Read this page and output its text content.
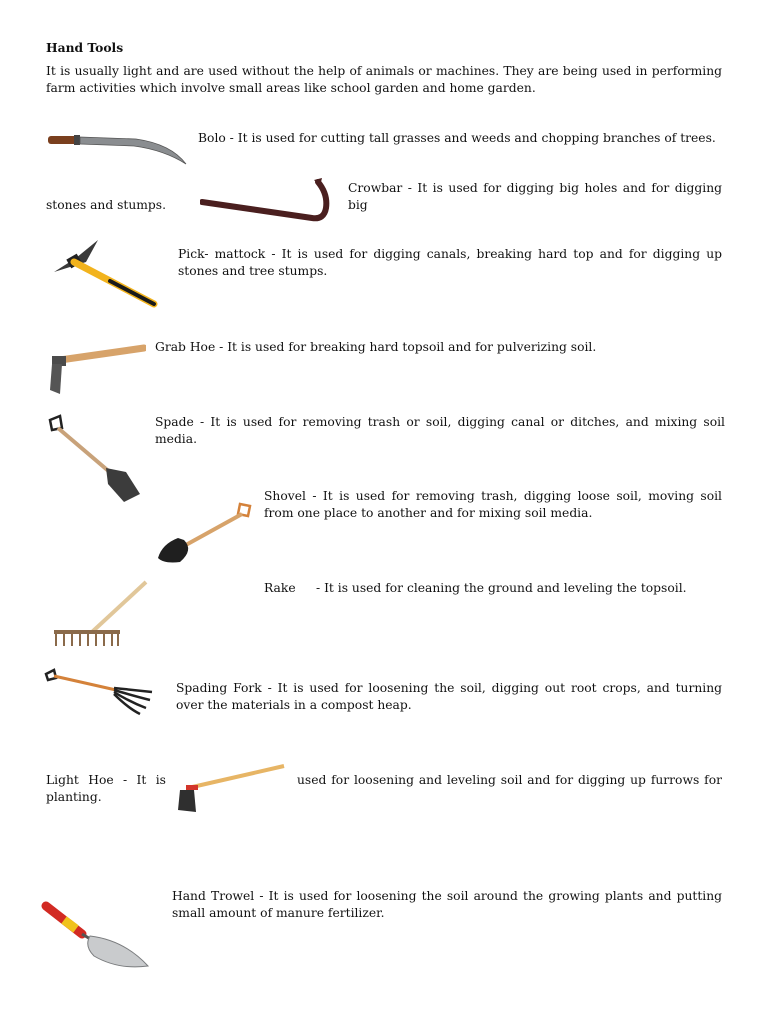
Hand Tools
It is usually light and are used without the help of animals or machines. They are being used in performing farm activities which involve small areas like school garden and home garden.
Bolo - It is used for cutting tall grasses and weeds and chopping branches of trees.
Crowbar - It is used for digging big holes and for digging big
stones and stumps.
Pick- mattock - It is used for digging canals, breaking hard top and for digging up stones and tree stumps.
Grab Hoe - It is used for breaking hard topsoil and for pulverizing soil.
Spade - It is used for removing trash or soil, digging canal or ditches, and mixing soil media.
Shovel - It is used for removing trash, digging loose soil, moving soil from one place to another and for mixing soil media.
Rake	- It is used for cleaning the ground and leveling the topsoil.
Spading Fork - It is used for loosening the soil, digging out root crops, and turning over the materials in a compost heap.
Light Hoe - It is	used for loosening and leveling soil and for digging up furrows for
planting.
Hand Trowel - It is used for loosening the soil around the growing plants and putting small amount of manure fertilizer.
